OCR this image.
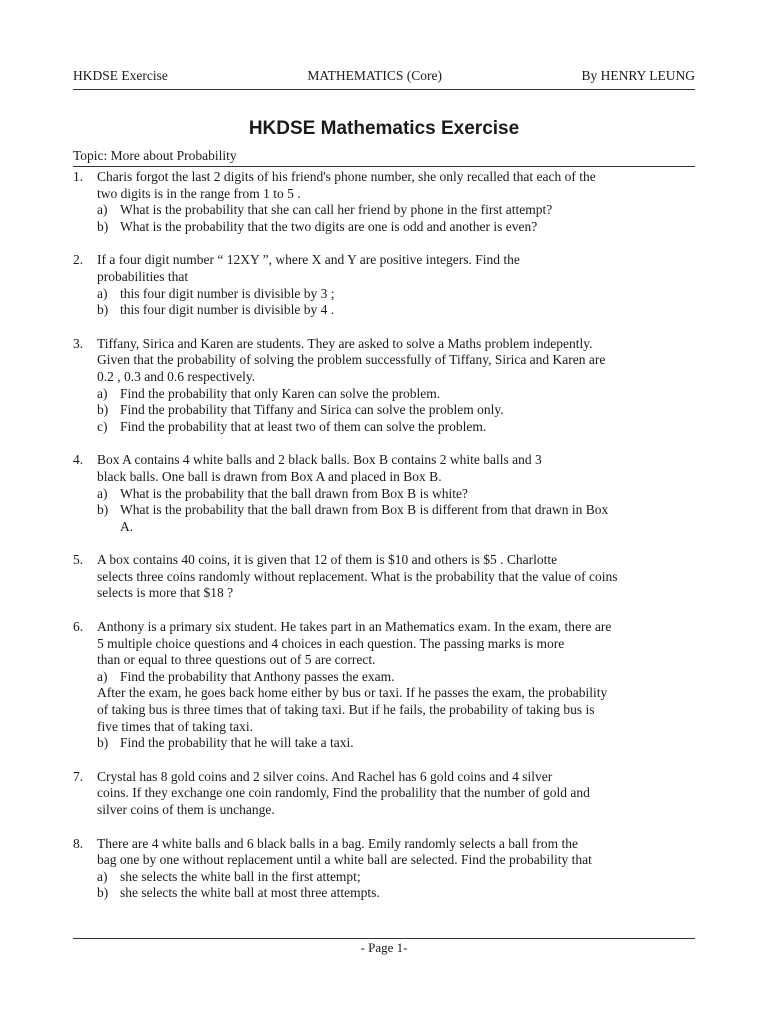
HKDSE Exercise	MATHEMATICS (Core)	By HENRY LEUNG
HKDSE Mathematics Exercise
Topic: More about Probability
1. Charis forgot the last 2 digits of his friend's phone number, she only recalled that each of the
two digits is in the range from 1 to 5 .
a) What is the probability that she can call her friend by phone in the first attempt?
b) What is the probability that the two digits are one is odd and another is even?
2. If a four digit number “ 12XY ”, where X and Y are positive integers. Find the
probabilities that
a) this four digit number is divisible by 3 ;
b) this four digit number is divisible by 4 .
3. Tiffany, Sirica and Karen are students. They are asked to solve a Maths problem indepently.
Given that the probability of solving the problem successfully of Tiffany, Sirica and Karen are
0.2 , 0.3 and 0.6 respectively.
a) Find the probability that only Karen can solve the problem.
b) Find the probability that Tiffany and Sirica can solve the problem only.
c) Find the probability that at least two of them can solve the problem.
4. Box A contains 4 white balls and 2 black balls. Box B contains 2 white balls and 3
black balls. One ball is drawn from Box A and placed in Box B.
a) What is the probability that the ball drawn from Box B is white?
b) What is the probability that the ball drawn from Box B is different from that drawn in Box
A.
5. A box contains 40 coins, it is given that 12 of them is $10 and others is $5 . Charlotte
selects three coins randomly without replacement. What is the probability that the value of coins
selects is more that $18 ?
6. Anthony is a primary six student. He takes part in an Mathematics exam. In the exam, there are
5 multiple choice questions and 4 choices in each question. The passing marks is more
than or equal to three questions out of 5 are correct.
a) Find the probability that Anthony passes the exam.
After the exam, he goes back home either by bus or taxi. If he passes the exam, the probability
of taking bus is three times that of taking taxi. But if he fails, the probability of taking bus is
five times that of taking taxi.
b) Find the probability that he will take a taxi.
7. Crystal has 8 gold coins and 2 silver coins. And Rachel has 6 gold coins and 4 silver
coins. If they exchange one coin randomly, Find the probalility that the number of gold and
silver coins of them is unchange.
8. There are 4 white balls and 6 black balls in a bag. Emily randomly selects a ball from the
bag one by one without replacement until a white ball are selected. Find the probability that
a) she selects the white ball in the first attempt;
b) she selects the white ball at most three attempts.
- Page 1-
